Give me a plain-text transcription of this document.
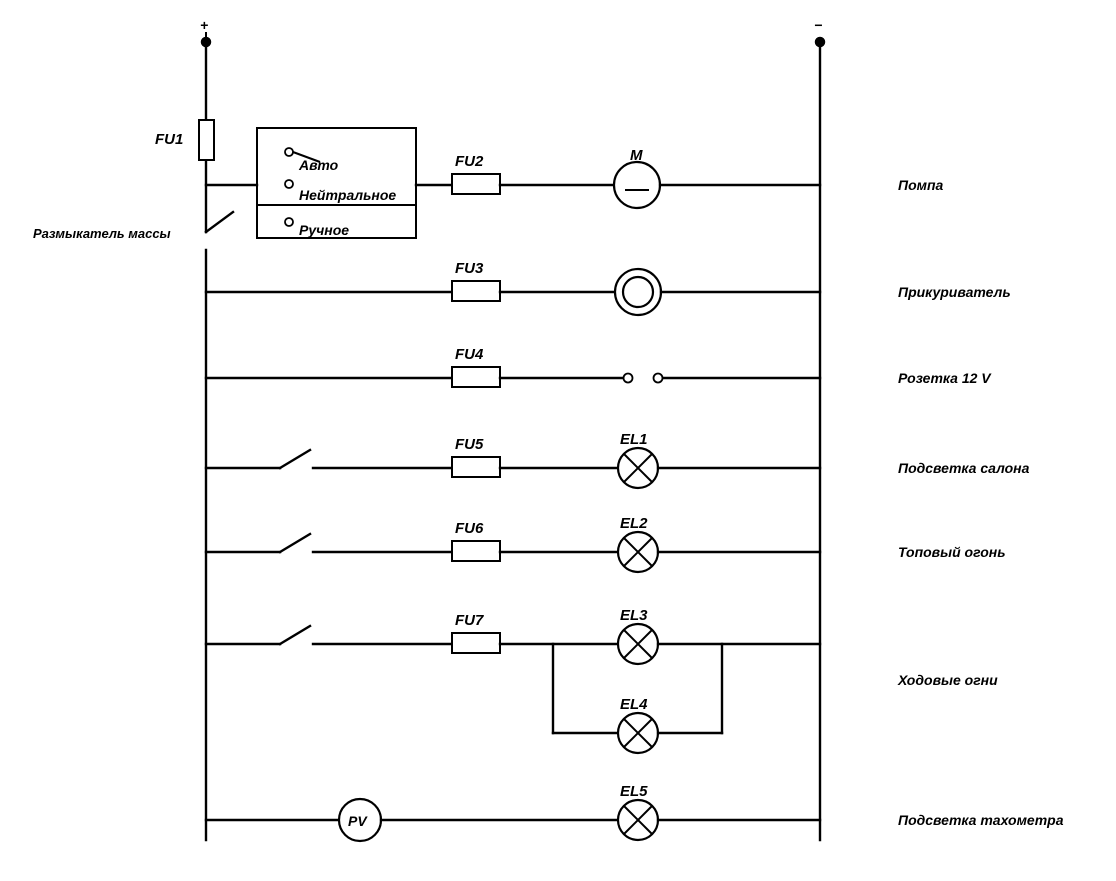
+	−
FU1
Размыкатель массы
Авто
Нейтральное
Ручное
FU2	M
Помпа
FU3
Прикуриватель
FU4
Розетка 12 V
FU5	EL1
Подсветка салона
FU6	EL2
Топовый огонь
FU7	EL3
Ходовые огни
EL4
PV
EL5
Подсветка тахометра
